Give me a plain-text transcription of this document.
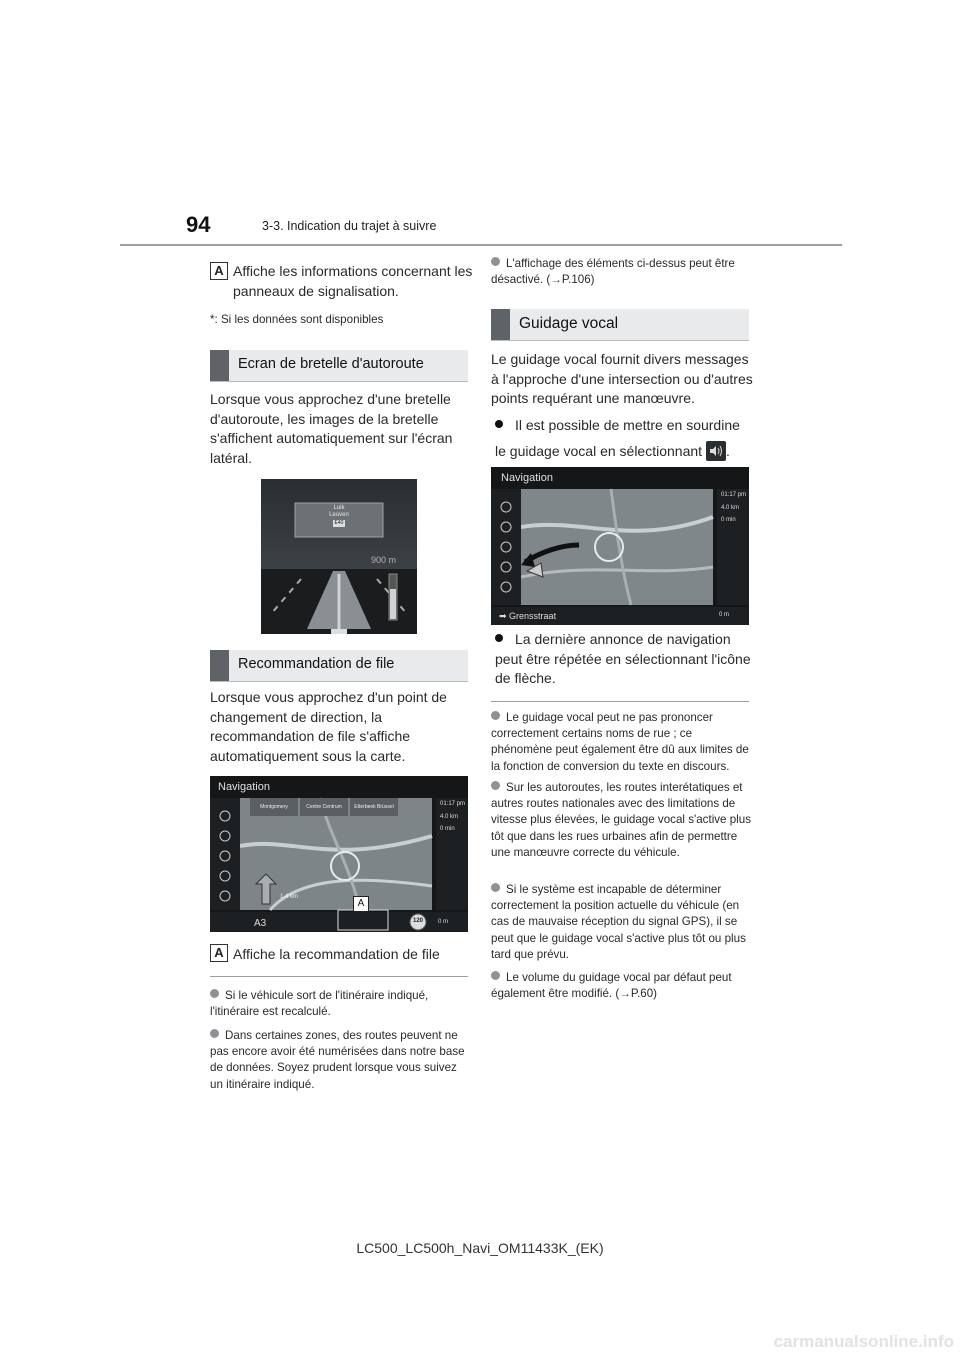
94	3-3. Indication du trajet à suivre
A Affiche les informations concernant les panneaux de signalisation.
*: Si les données sont disponibles
Ecran de bretelle d'autoroute
Lorsque vous approchez d'une bretelle d'autoroute, les images de la bretelle s'affichent automatiquement sur l'écran latéral.
Luik
Leuven
E40
900 m
Recommandation de file
Lorsque vous approchez d'un point de changement de direction, la recommandation de file s'affiche automatiquement sous la carte.
Navigation
Montgomery	Centre Centrum	Etterbeek Brüssel	01:17 pm
4.0 km
0 min
A3
1.4 km
120 0 m
A
A Affiche la recommandation de file
Si le véhicule sort de l'itinéraire indiqué, l'itinéraire est recalculé.
Dans certaines zones, des routes peuvent ne pas encore avoir été numérisées dans notre base de données. Soyez prudent lorsque vous suivez un itinéraire indiqué.
L'affichage des éléments ci-dessus peut être désactivé. (→P.106)
Guidage vocal
Le guidage vocal fournit divers messages à l'approche d'une intersection ou d'autres points requérant une manœuvre.
Il est possible de mettre en sourdine le guidage vocal en sélectionnant .
Navigation
01:17 pm
4.0 km
0 min
➡ Grensstraat	0 m
La dernière annonce de navigation peut être répétée en sélectionnant l'icône de flèche.
Le guidage vocal peut ne pas prononcer correctement certains noms de rue ; ce phénomène peut également être dû aux limites de la fonction de conversion du texte en discours.
Sur les autoroutes, les routes interétatiques et autres routes nationales avec des limitations de vitesse plus élevées, le guidage vocal s'active plus tôt que dans les rues urbaines afin de permettre une manœuvre correcte du véhicule.
Si le système est incapable de déterminer correctement la position actuelle du véhicule (en cas de mauvaise réception du signal GPS), il se peut que le guidage vocal s'active plus tôt ou plus tard que prévu.
Le volume du guidage vocal par défaut peut également être modifié. (→P.60)
LC500_LC500h_Navi_OM11433K_(EK)
carmanualsonline.info
